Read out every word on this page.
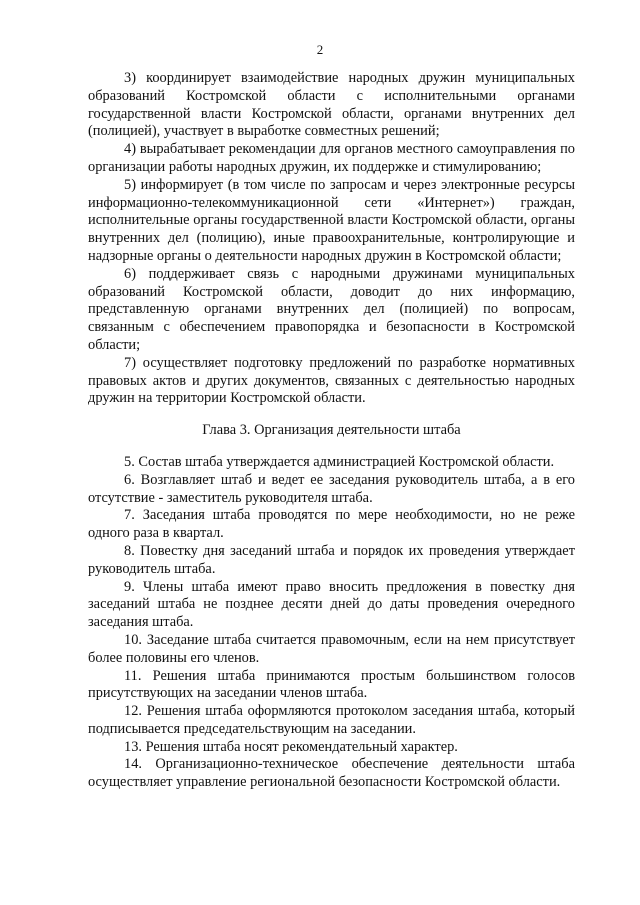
2

3) координирует взаимодействие народных дружин муниципальных образований Костромской области с исполнительными органами государственной власти Костромской области, органами внутренних дел (полицией), участвует в выработке совместных решений;

4) вырабатывает рекомендации для органов местного самоуправления по организации работы народных дружин, их поддержке и стимулированию;

5) информирует (в том числе по запросам и через электронные ресурсы информационно-телекоммуникационной сети «Интернет») граждан, исполнительные органы государственной власти Костромской области, органы внутренних дел (полицию), иные правоохранительные, контролирующие и надзорные органы о деятельности народных дружин в Костромской области;

6) поддерживает связь с народными дружинами муниципальных образований Костромской области, доводит до них информацию, представленную органами внутренних дел (полицией) по вопросам, связанным с обеспечением правопорядка и безопасности в Костромской области;

7) осуществляет подготовку предложений по разработке нормативных правовых актов и других документов, связанных с деятельностью народных дружин на территории Костромской области.

Глава 3. Организация деятельности штаба

5. Состав штаба утверждается администрацией Костромской области.

6. Возглавляет штаб и ведет ее заседания руководитель штаба, а в его отсутствие - заместитель руководителя штаба.

7. Заседания штаба проводятся по мере необходимости, но не реже одного раза в квартал.

8. Повестку дня заседаний штаба и порядок их проведения утверждает руководитель штаба.

9. Члены штаба имеют право вносить предложения в повестку дня заседаний штаба не позднее десяти дней до даты проведения очередного заседания штаба.

10. Заседание штаба считается правомочным, если на нем присутствует более половины его членов.

11. Решения штаба принимаются простым большинством голосов присутствующих на заседании членов штаба.

12. Решения штаба оформляются протоколом заседания штаба, который подписывается председательствующим на заседании.

13. Решения штаба носят рекомендательный характер.

14. Организационно-техническое обеспечение деятельности штаба осуществляет управление региональной безопасности Костромской области.
